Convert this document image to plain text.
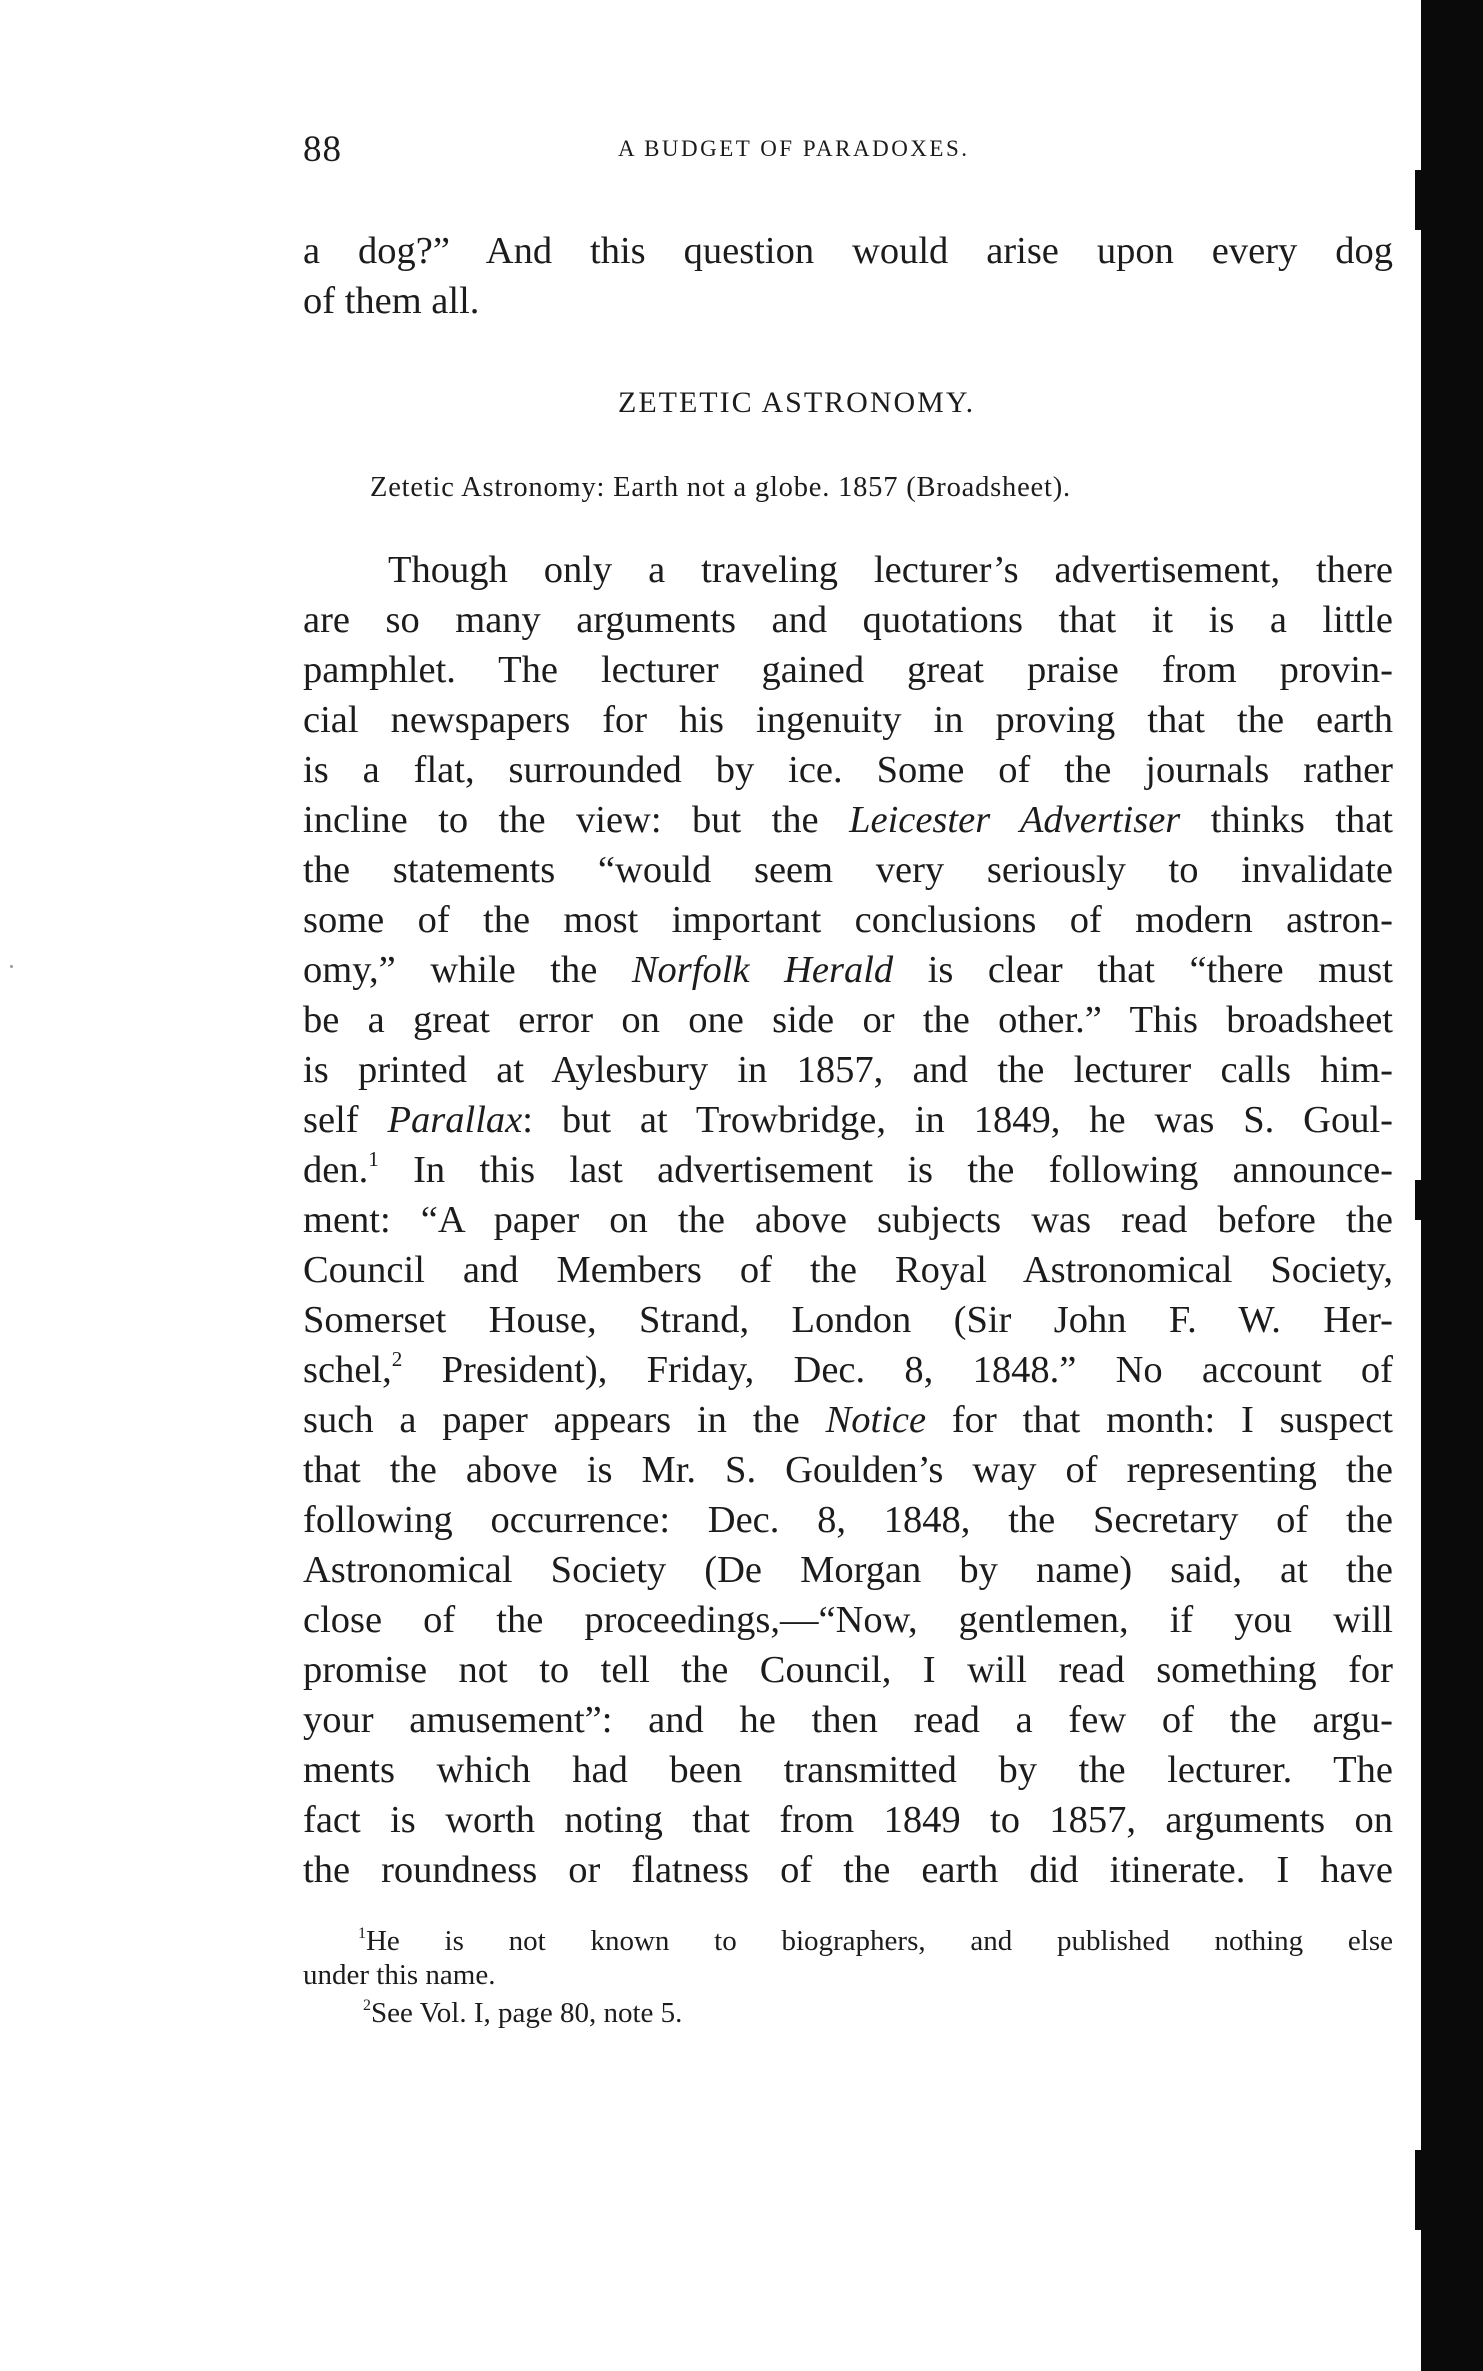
88	A BUDGET OF PARADOXES.
a dog?” And this question would arise upon every dog
of them all.
ZETETIC ASTRONOMY.
Zetetic Astronomy: Earth not a globe. 1857 (Broadsheet).
Though only a traveling lecturer’s advertisement, there
are so many arguments and quotations that it is a little
pamphlet. The lecturer gained great praise from provin-
cial newspapers for his ingenuity in proving that the earth
is a flat, surrounded by ice. Some of the journals rather
incline to the view: but the Leicester Advertiser thinks that
the statements “would seem very seriously to invalidate
some of the most important conclusions of modern astron-
omy,” while the Norfolk Herald is clear that “there must
be a great error on one side or the other.” This broadsheet
is printed at Aylesbury in 1857, and the lecturer calls him-
self Parallax: but at Trowbridge, in 1849, he was S. Goul-
den.$^1$ In this last advertisement is the following announce-
ment: “A paper on the above subjects was read before the
Council and Members of the Royal Astronomical Society,
Somerset House, Strand, London (Sir John F. W. Her-
schel,$^2$ President), Friday, Dec. 8, 1848.” No account of
such a paper appears in the Notice for that month: I suspect
that the above is Mr. S. Goulden’s way of representing the
following occurrence: Dec. 8, 1848, the Secretary of the
Astronomical Society (De Morgan by name) said, at the
close of the proceedings,—“Now, gentlemen, if you will
promise not to tell the Council, I will read something for
your amusement”: and he then read a few of the argu-
ments which had been transmitted by the lecturer. The
fact is worth noting that from 1849 to 1857, arguments on
the roundness or flatness of the earth did itinerate. I have
$^1$He is not known to biographers, and published nothing else
under this name.
$^2$See Vol. I, page 80, note 5.
